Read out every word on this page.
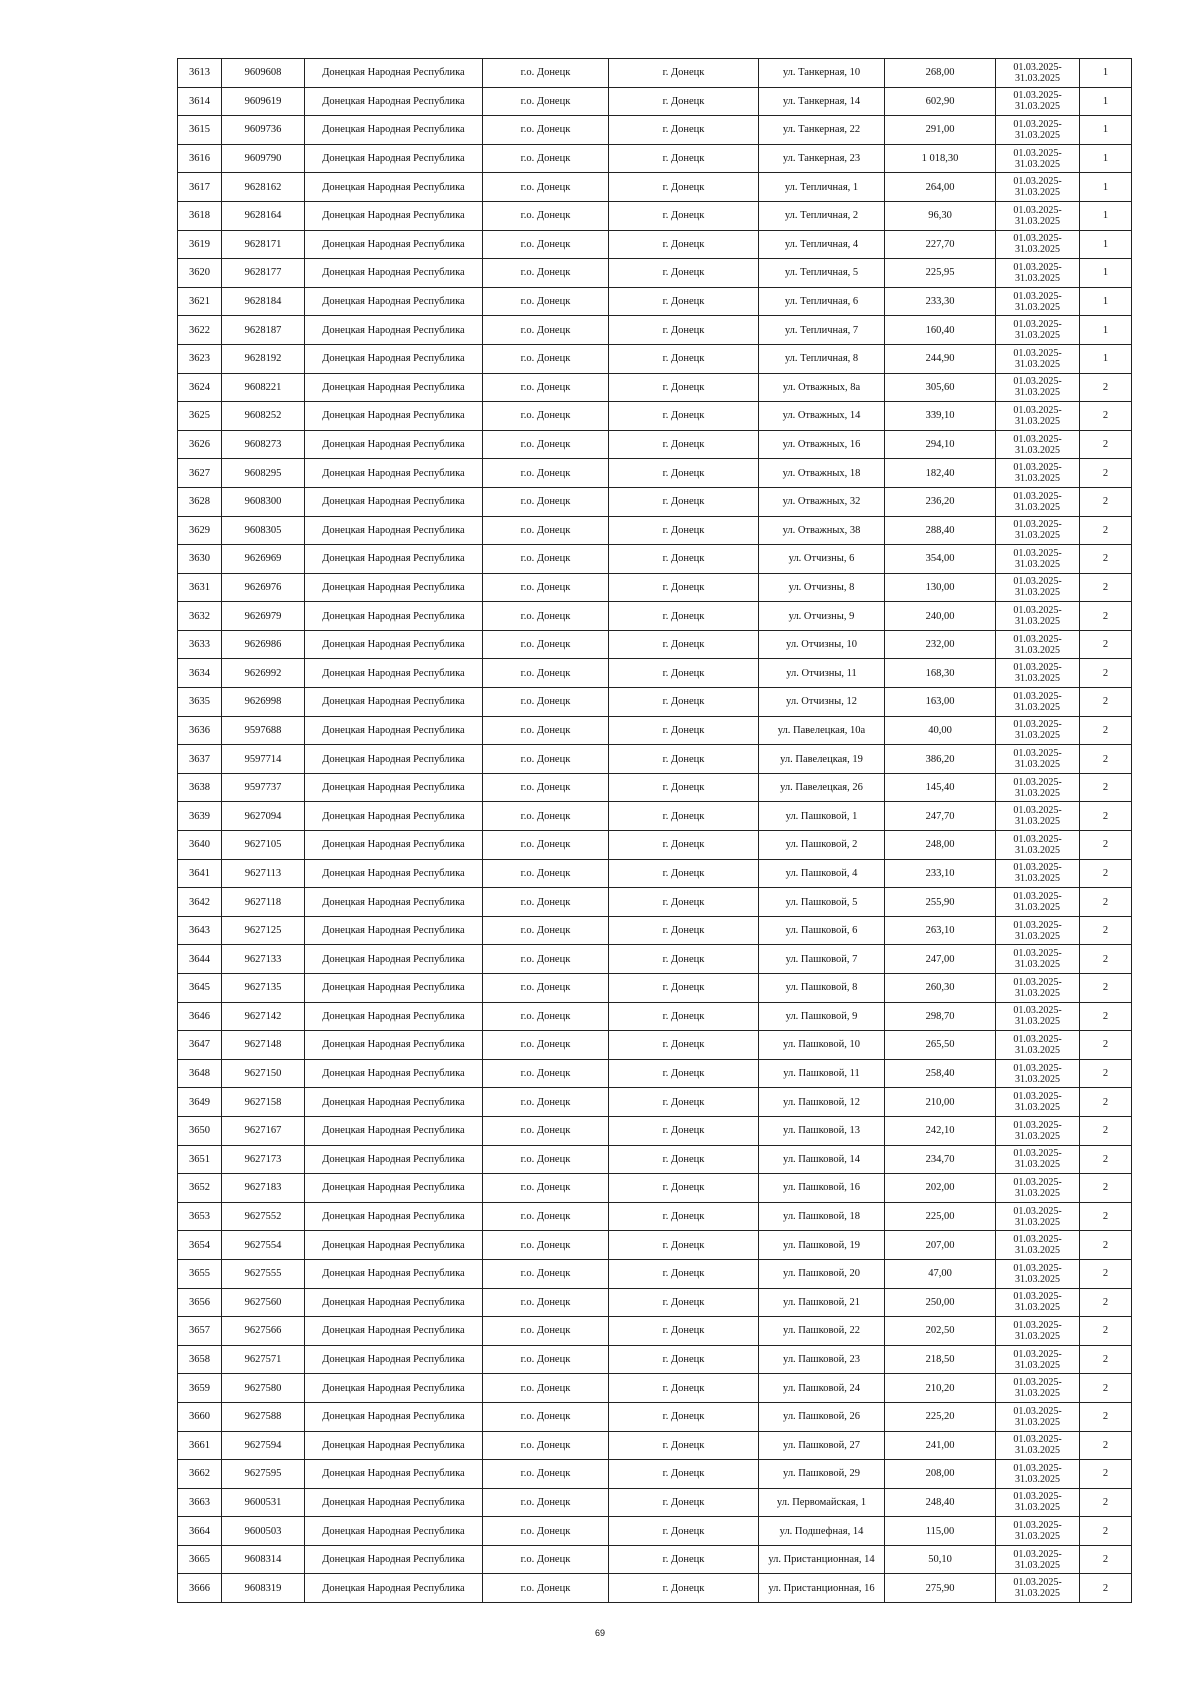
3613	9609608	Донецкая Народная Республика	г.о. Донецк	г. Донецк	ул. Танкерная, 10	268,00	01.03.2025-
31.03.2025	1
3614	9609619	Донецкая Народная Республика	г.о. Донецк	г. Донецк	ул. Танкерная, 14	602,90	01.03.2025-
31.03.2025	1
3615	9609736	Донецкая Народная Республика	г.о. Донецк	г. Донецк	ул. Танкерная, 22	291,00	01.03.2025-
31.03.2025	1
3616	9609790	Донецкая Народная Республика	г.о. Донецк	г. Донецк	ул. Танкерная, 23	1 018,30	01.03.2025-
31.03.2025	1
3617	9628162	Донецкая Народная Республика	г.о. Донецк	г. Донецк	ул. Тепличная, 1	264,00	01.03.2025-
31.03.2025	1
3618	9628164	Донецкая Народная Республика	г.о. Донецк	г. Донецк	ул. Тепличная, 2	96,30	01.03.2025-
31.03.2025	1
3619	9628171	Донецкая Народная Республика	г.о. Донецк	г. Донецк	ул. Тепличная, 4	227,70	01.03.2025-
31.03.2025	1
3620	9628177	Донецкая Народная Республика	г.о. Донецк	г. Донецк	ул. Тепличная, 5	225,95	01.03.2025-
31.03.2025	1
3621	9628184	Донецкая Народная Республика	г.о. Донецк	г. Донецк	ул. Тепличная, 6	233,30	01.03.2025-
31.03.2025	1
3622	9628187	Донецкая Народная Республика	г.о. Донецк	г. Донецк	ул. Тепличная, 7	160,40	01.03.2025-
31.03.2025	1
3623	9628192	Донецкая Народная Республика	г.о. Донецк	г. Донецк	ул. Тепличная, 8	244,90	01.03.2025-
31.03.2025	1
3624	9608221	Донецкая Народная Республика	г.о. Донецк	г. Донецк	ул. Отважных, 8а	305,60	01.03.2025-
31.03.2025	2
3625	9608252	Донецкая Народная Республика	г.о. Донецк	г. Донецк	ул. Отважных, 14	339,10	01.03.2025-
31.03.2025	2
3626	9608273	Донецкая Народная Республика	г.о. Донецк	г. Донецк	ул. Отважных, 16	294,10	01.03.2025-
31.03.2025	2
3627	9608295	Донецкая Народная Республика	г.о. Донецк	г. Донецк	ул. Отважных, 18	182,40	01.03.2025-
31.03.2025	2
3628	9608300	Донецкая Народная Республика	г.о. Донецк	г. Донецк	ул. Отважных, 32	236,20	01.03.2025-
31.03.2025	2
3629	9608305	Донецкая Народная Республика	г.о. Донецк	г. Донецк	ул. Отважных, 38	288,40	01.03.2025-
31.03.2025	2
3630	9626969	Донецкая Народная Республика	г.о. Донецк	г. Донецк	ул. Отчизны, 6	354,00	01.03.2025-
31.03.2025	2
3631	9626976	Донецкая Народная Республика	г.о. Донецк	г. Донецк	ул. Отчизны, 8	130,00	01.03.2025-
31.03.2025	2
3632	9626979	Донецкая Народная Республика	г.о. Донецк	г. Донецк	ул. Отчизны, 9	240,00	01.03.2025-
31.03.2025	2
3633	9626986	Донецкая Народная Республика	г.о. Донецк	г. Донецк	ул. Отчизны, 10	232,00	01.03.2025-
31.03.2025	2
3634	9626992	Донецкая Народная Республика	г.о. Донецк	г. Донецк	ул. Отчизны, 11	168,30	01.03.2025-
31.03.2025	2
3635	9626998	Донецкая Народная Республика	г.о. Донецк	г. Донецк	ул. Отчизны, 12	163,00	01.03.2025-
31.03.2025	2
3636	9597688	Донецкая Народная Республика	г.о. Донецк	г. Донецк	ул. Павелецкая, 10а	40,00	01.03.2025-
31.03.2025	2
3637	9597714	Донецкая Народная Республика	г.о. Донецк	г. Донецк	ул. Павелецкая, 19	386,20	01.03.2025-
31.03.2025	2
3638	9597737	Донецкая Народная Республика	г.о. Донецк	г. Донецк	ул. Павелецкая, 26	145,40	01.03.2025-
31.03.2025	2
3639	9627094	Донецкая Народная Республика	г.о. Донецк	г. Донецк	ул. Пашковой, 1	247,70	01.03.2025-
31.03.2025	2
3640	9627105	Донецкая Народная Республика	г.о. Донецк	г. Донецк	ул. Пашковой, 2	248,00	01.03.2025-
31.03.2025	2
3641	9627113	Донецкая Народная Республика	г.о. Донецк	г. Донецк	ул. Пашковой, 4	233,10	01.03.2025-
31.03.2025	2
3642	9627118	Донецкая Народная Республика	г.о. Донецк	г. Донецк	ул. Пашковой, 5	255,90	01.03.2025-
31.03.2025	2
3643	9627125	Донецкая Народная Республика	г.о. Донецк	г. Донецк	ул. Пашковой, 6	263,10	01.03.2025-
31.03.2025	2
3644	9627133	Донецкая Народная Республика	г.о. Донецк	г. Донецк	ул. Пашковой, 7	247,00	01.03.2025-
31.03.2025	2
3645	9627135	Донецкая Народная Республика	г.о. Донецк	г. Донецк	ул. Пашковой, 8	260,30	01.03.2025-
31.03.2025	2
3646	9627142	Донецкая Народная Республика	г.о. Донецк	г. Донецк	ул. Пашковой, 9	298,70	01.03.2025-
31.03.2025	2
3647	9627148	Донецкая Народная Республика	г.о. Донецк	г. Донецк	ул. Пашковой, 10	265,50	01.03.2025-
31.03.2025	2
3648	9627150	Донецкая Народная Республика	г.о. Донецк	г. Донецк	ул. Пашковой, 11	258,40	01.03.2025-
31.03.2025	2
3649	9627158	Донецкая Народная Республика	г.о. Донецк	г. Донецк	ул. Пашковой, 12	210,00	01.03.2025-
31.03.2025	2
3650	9627167	Донецкая Народная Республика	г.о. Донецк	г. Донецк	ул. Пашковой, 13	242,10	01.03.2025-
31.03.2025	2
3651	9627173	Донецкая Народная Республика	г.о. Донецк	г. Донецк	ул. Пашковой, 14	234,70	01.03.2025-
31.03.2025	2
3652	9627183	Донецкая Народная Республика	г.о. Донецк	г. Донецк	ул. Пашковой, 16	202,00	01.03.2025-
31.03.2025	2
3653	9627552	Донецкая Народная Республика	г.о. Донецк	г. Донецк	ул. Пашковой, 18	225,00	01.03.2025-
31.03.2025	2
3654	9627554	Донецкая Народная Республика	г.о. Донецк	г. Донецк	ул. Пашковой, 19	207,00	01.03.2025-
31.03.2025	2
3655	9627555	Донецкая Народная Республика	г.о. Донецк	г. Донецк	ул. Пашковой, 20	47,00	01.03.2025-
31.03.2025	2
3656	9627560	Донецкая Народная Республика	г.о. Донецк	г. Донецк	ул. Пашковой, 21	250,00	01.03.2025-
31.03.2025	2
3657	9627566	Донецкая Народная Республика	г.о. Донецк	г. Донецк	ул. Пашковой, 22	202,50	01.03.2025-
31.03.2025	2
3658	9627571	Донецкая Народная Республика	г.о. Донецк	г. Донецк	ул. Пашковой, 23	218,50	01.03.2025-
31.03.2025	2
3659	9627580	Донецкая Народная Республика	г.о. Донецк	г. Донецк	ул. Пашковой, 24	210,20	01.03.2025-
31.03.2025	2
3660	9627588	Донецкая Народная Республика	г.о. Донецк	г. Донецк	ул. Пашковой, 26	225,20	01.03.2025-
31.03.2025	2
3661	9627594	Донецкая Народная Республика	г.о. Донецк	г. Донецк	ул. Пашковой, 27	241,00	01.03.2025-
31.03.2025	2
3662	9627595	Донецкая Народная Республика	г.о. Донецк	г. Донецк	ул. Пашковой, 29	208,00	01.03.2025-
31.03.2025	2
3663	9600531	Донецкая Народная Республика	г.о. Донецк	г. Донецк	ул. Первомайская, 1	248,40	01.03.2025-
31.03.2025	2
3664	9600503	Донецкая Народная Республика	г.о. Донецк	г. Донецк	ул. Подшефная, 14	115,00	01.03.2025-
31.03.2025	2
3665	9608314	Донецкая Народная Республика	г.о. Донецк	г. Донецк	ул. Пристанционная, 14	50,10	01.03.2025-
31.03.2025	2
3666	9608319	Донецкая Народная Республика	г.о. Донецк	г. Донецк	ул. Пристанционная, 16	275,90	01.03.2025-
31.03.2025	2
69
